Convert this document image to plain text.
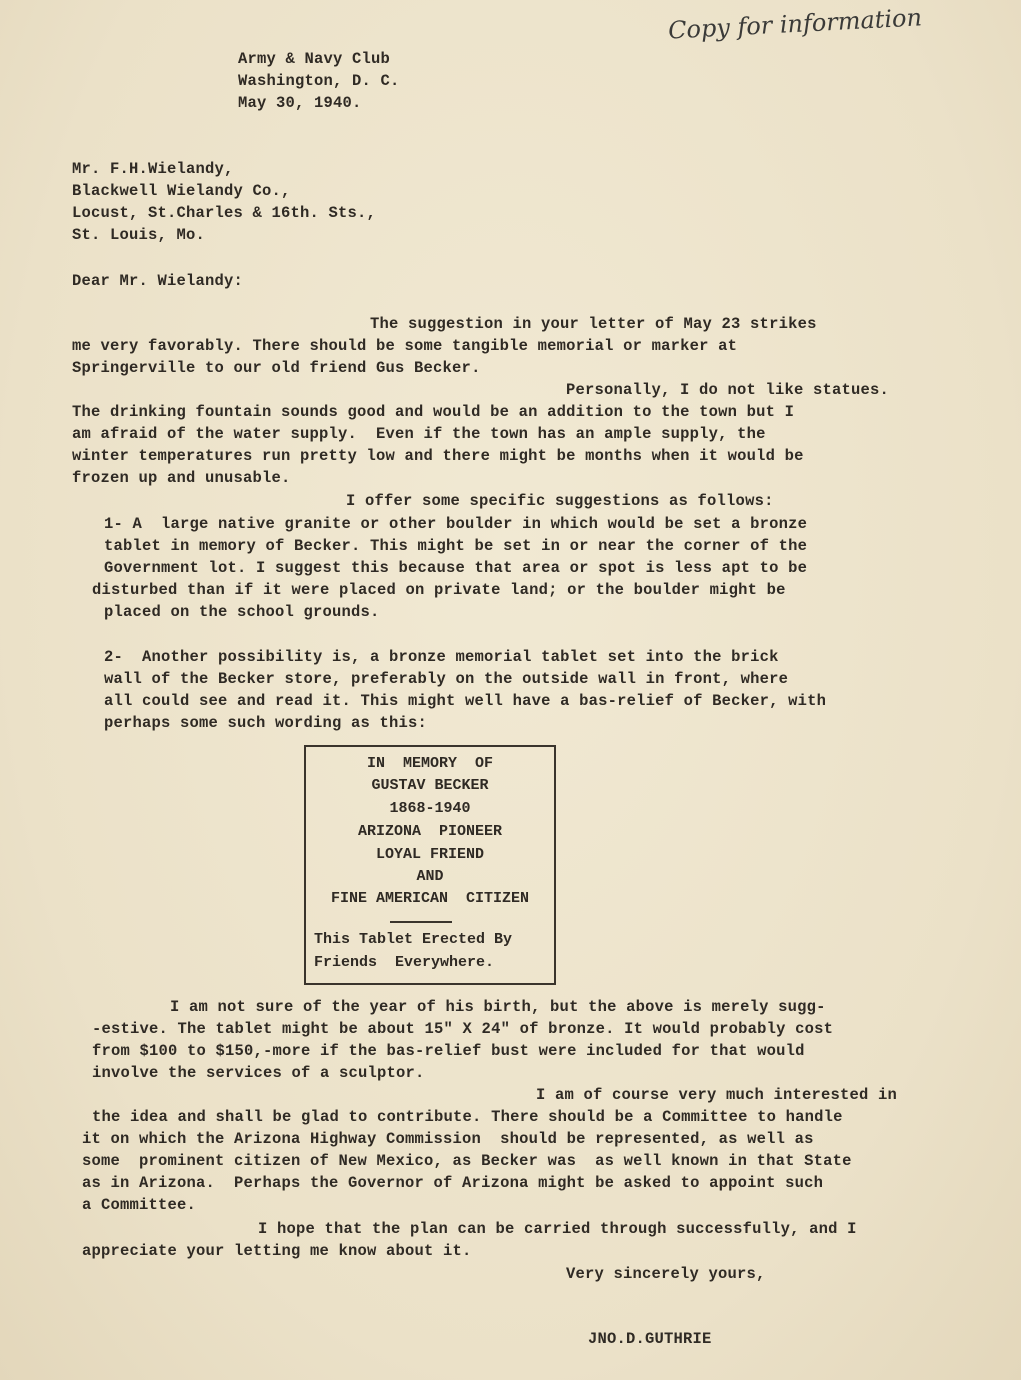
Copy for information
Army & Navy Club
Washington, D. C.
May 30, 1940.
Mr. F.H.Wielandy,
Blackwell Wielandy Co.,
Locust, St.Charles & 16th. Sts.,
St. Louis, Mo.
Dear Mr. Wielandy:
The suggestion in your letter of May 23 strikes
me very favorably. There should be some tangible memorial or marker at
Springerville to our old friend Gus Becker.
Personally, I do not like statues.
The drinking fountain sounds good and would be an addition to the town but I
am afraid of the water supply.  Even if the town has an ample supply, the
winter temperatures run pretty low and there might be months when it would be
frozen up and unusable.
I offer some specific suggestions as follows:
1- A  large native granite or other boulder in which would be set a bronze
tablet in memory of Becker. This might be set in or near the corner of the
Government lot. I suggest this because that area or spot is less apt to be
disturbed than if it were placed on private land; or the boulder might be
placed on the school grounds.
2-  Another possibility is, a bronze memorial tablet set into the brick
wall of the Becker store, preferably on the outside wall in front, where
all could see and read it. This might well have a bas-relief of Becker, with
perhaps some such wording as this:
IN  MEMORY  OF
GUSTAV BECKER
1868-1940
ARIZONA  PIONEER
LOYAL FRIEND
AND
FINE AMERICAN  CITIZEN
This Tablet Erected By
Friends  Everywhere.
I am not sure of the year of his birth, but the above is merely sugg-
-estive. The tablet might be about 15" X 24" of bronze. It would probably cost
from $100 to $150,-more if the bas-relief bust were included for that would
involve the services of a sculptor.
I am of course very much interested in
the idea and shall be glad to contribute. There should be a Committee to handle
it on which the Arizona Highway Commission  should be represented, as well as
some  prominent citizen of New Mexico, as Becker was  as well known in that State
as in Arizona.  Perhaps the Governor of Arizona might be asked to appoint such
a Committee.
I hope that the plan can be carried through successfully, and I
appreciate your letting me know about it.
Very sincerely yours,
JNO.D.GUTHRIE
